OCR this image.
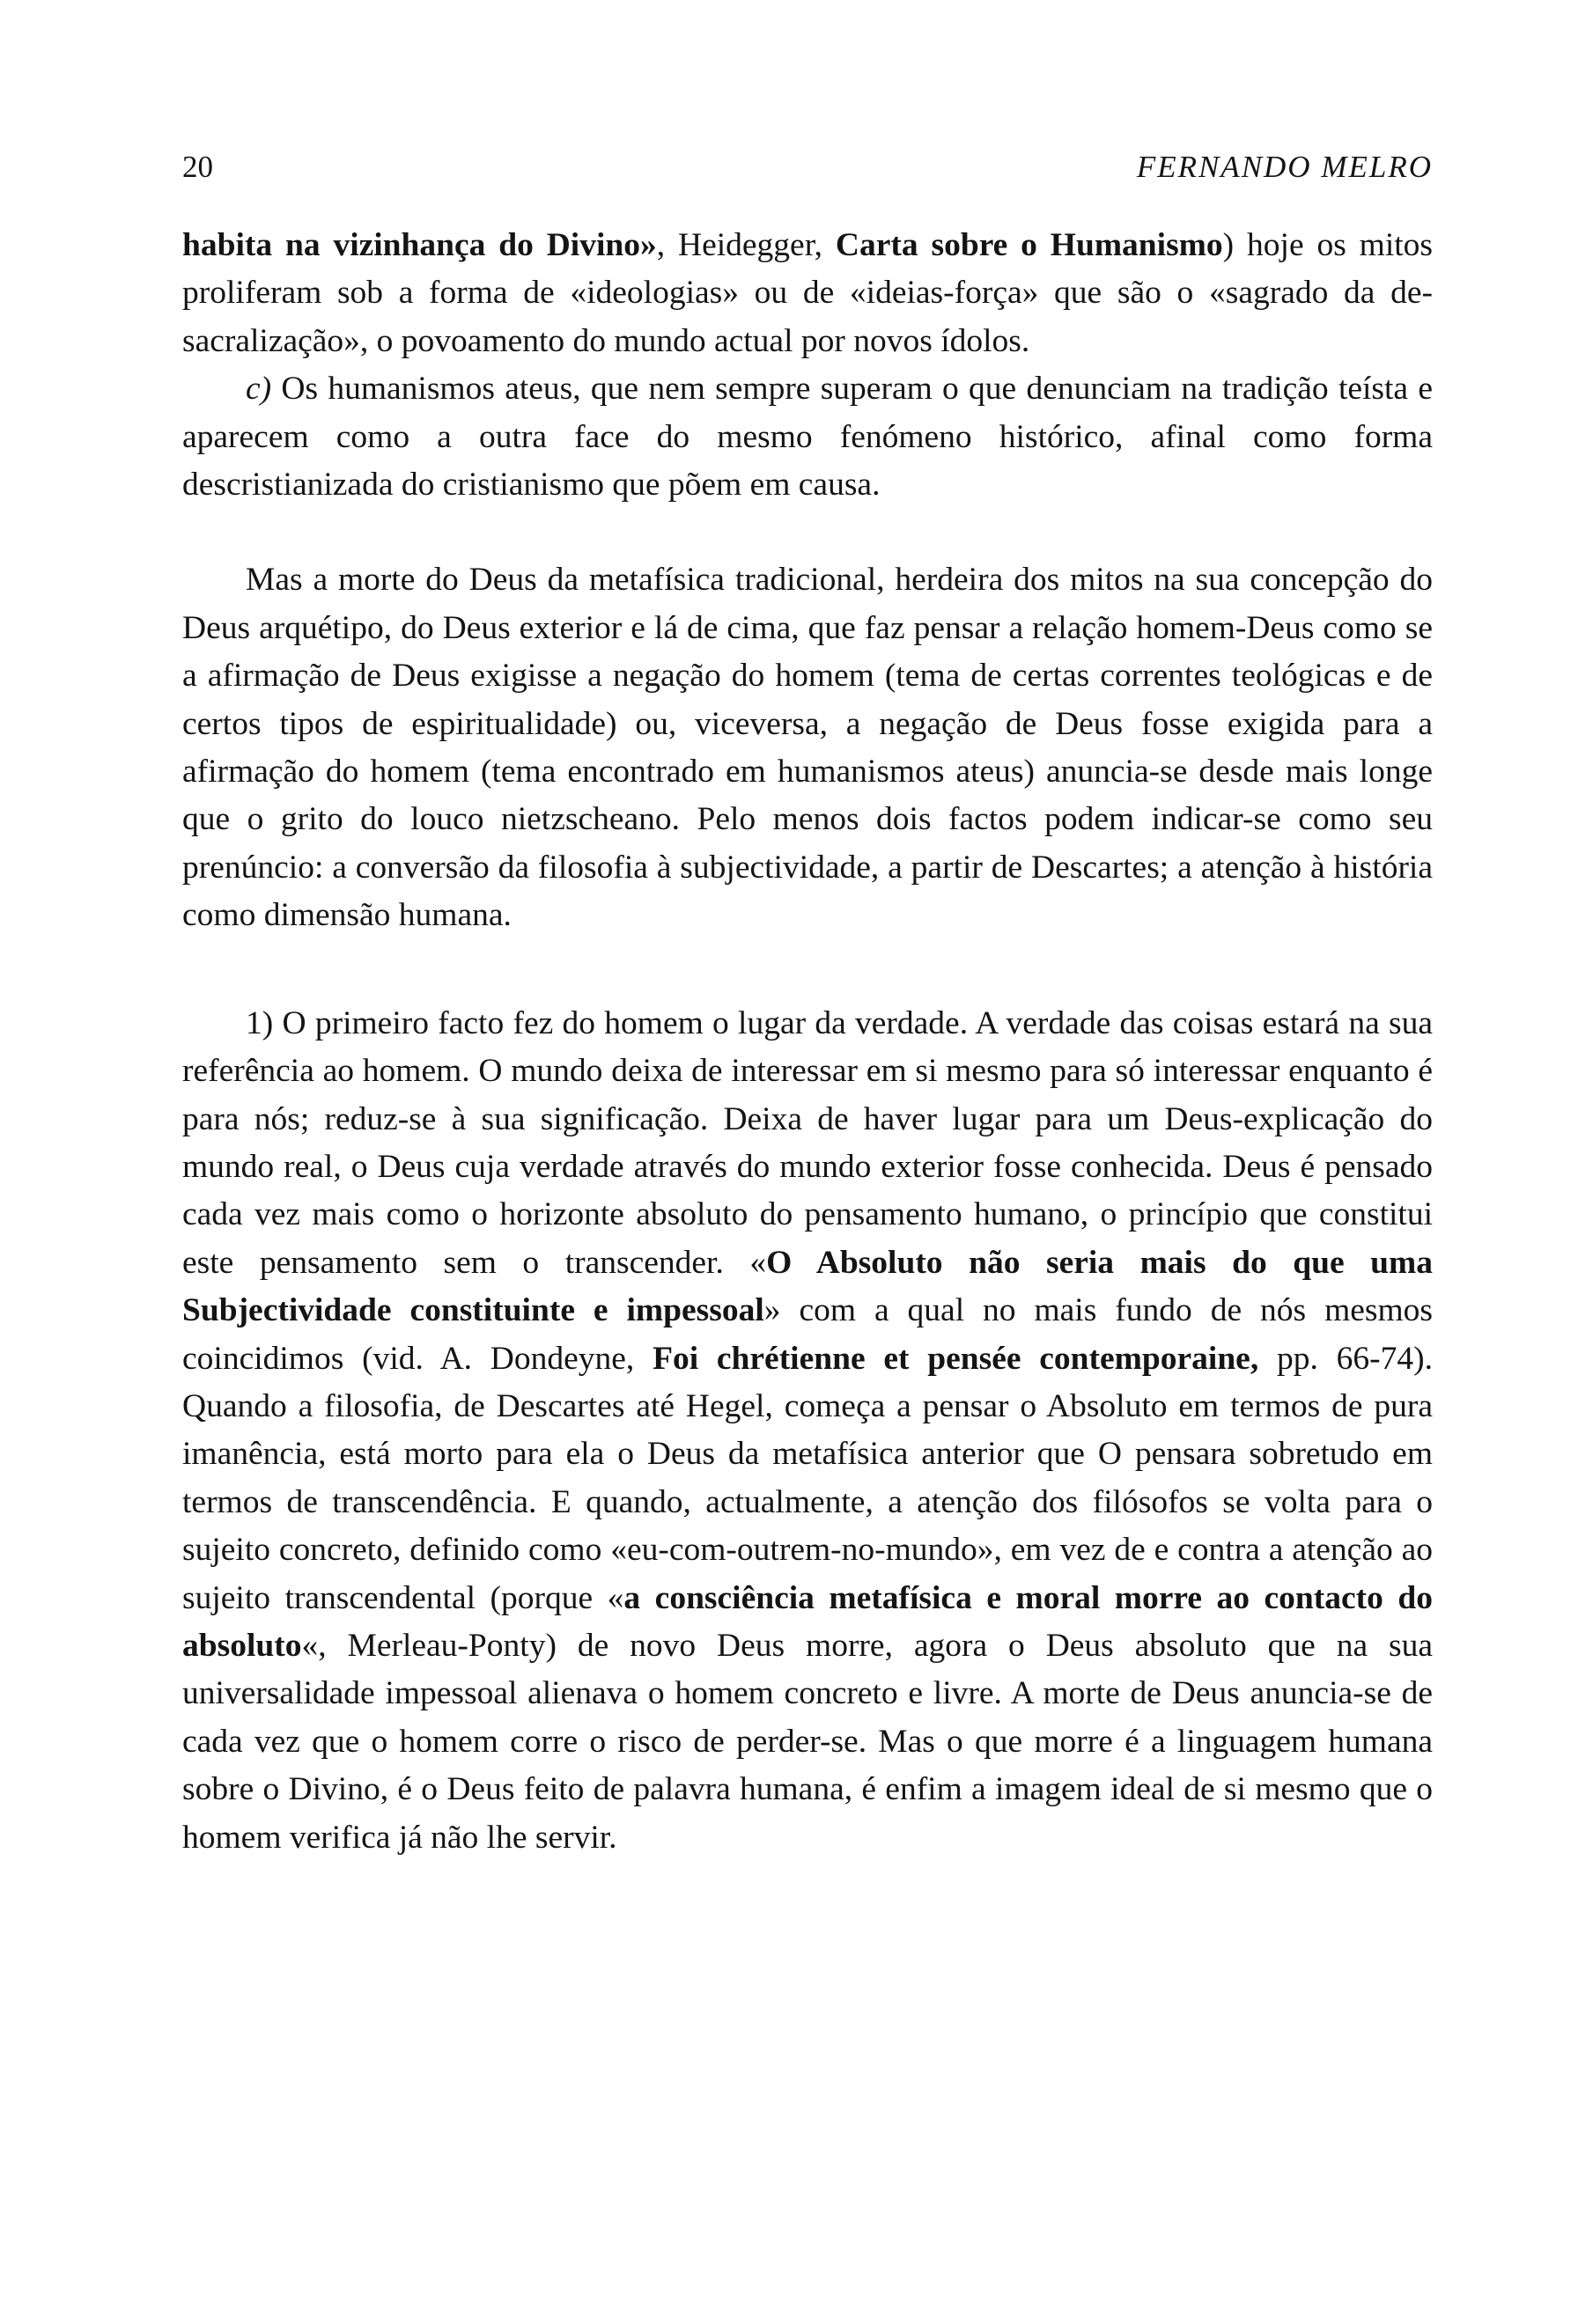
20	FERNANDO MELRO

habita na vizinhança do Divino», Heidegger, Carta sobre o Humanismo) hoje os mitos proliferam sob a forma de «ideologias» ou de «ideias-força» que são o «sagrado da de-sacralização», o povoamento do mundo actual por novos ídolos.

c) Os humanismos ateus, que nem sempre superam o que denunciam na tradição teísta e aparecem como a outra face do mesmo fenómeno histórico, afinal como forma descristianizada do cristianismo que põem em causa.

Mas a morte do Deus da metafísica tradicional, herdeira dos mitos na sua concepção do Deus arquétipo, do Deus exterior e lá de cima, que faz pensar a relação homem-Deus como se a afirmação de Deus exigisse a negação do homem (tema de certas correntes teológicas e de certos tipos de espiritualidade) ou, viceversa, a negação de Deus fosse exigida para a afirmação do homem (tema encontrado em humanismos ateus) anuncia-se desde mais longe que o grito do louco nietzscheano. Pelo menos dois factos podem indicar-se como seu prenúncio: a conversão da filosofia à subjectividade, a partir de Descartes; a atenção à história como dimensão humana.

1) O primeiro facto fez do homem o lugar da verdade. A verdade das coisas estará na sua referência ao homem. O mundo deixa de interessar em si mesmo para só interessar enquanto é para nós; reduz-se à sua significação. Deixa de haver lugar para um Deus-explicação do mundo real, o Deus cuja verdade através do mundo exterior fosse conhecida. Deus é pensado cada vez mais como o horizonte absoluto do pensamento humano, o princípio que constitui este pensamento sem o transcender. «O Absoluto não seria mais do que uma Subjectividade constituinte e impessoal» com a qual no mais fundo de nós mesmos coincidimos (vid. A. Dondeyne, Foi chrétienne et pensée contemporaine, pp. 66-74). Quando a filosofia, de Descartes até Hegel, começa a pensar o Absoluto em termos de pura imanência, está morto para ela o Deus da metafísica anterior que O pensara sobretudo em termos de transcendência. E quando, actualmente, a atenção dos filósofos se volta para o sujeito concreto, definido como «eu-com-outrem-no-mundo», em vez de e contra a atenção ao sujeito transcendental (porque «a consciência metafísica e moral morre ao contacto do absoluto«, Merleau-Ponty) de novo Deus morre, agora o Deus absoluto que na sua universalidade impessoal alienava o homem concreto e livre. A morte de Deus anuncia-se de cada vez que o homem corre o risco de perder-se. Mas o que morre é a linguagem humana sobre o Divino, é o Deus feito de palavra humana, é enfim a imagem ideal de si mesmo que o homem verifica já não lhe servir.
